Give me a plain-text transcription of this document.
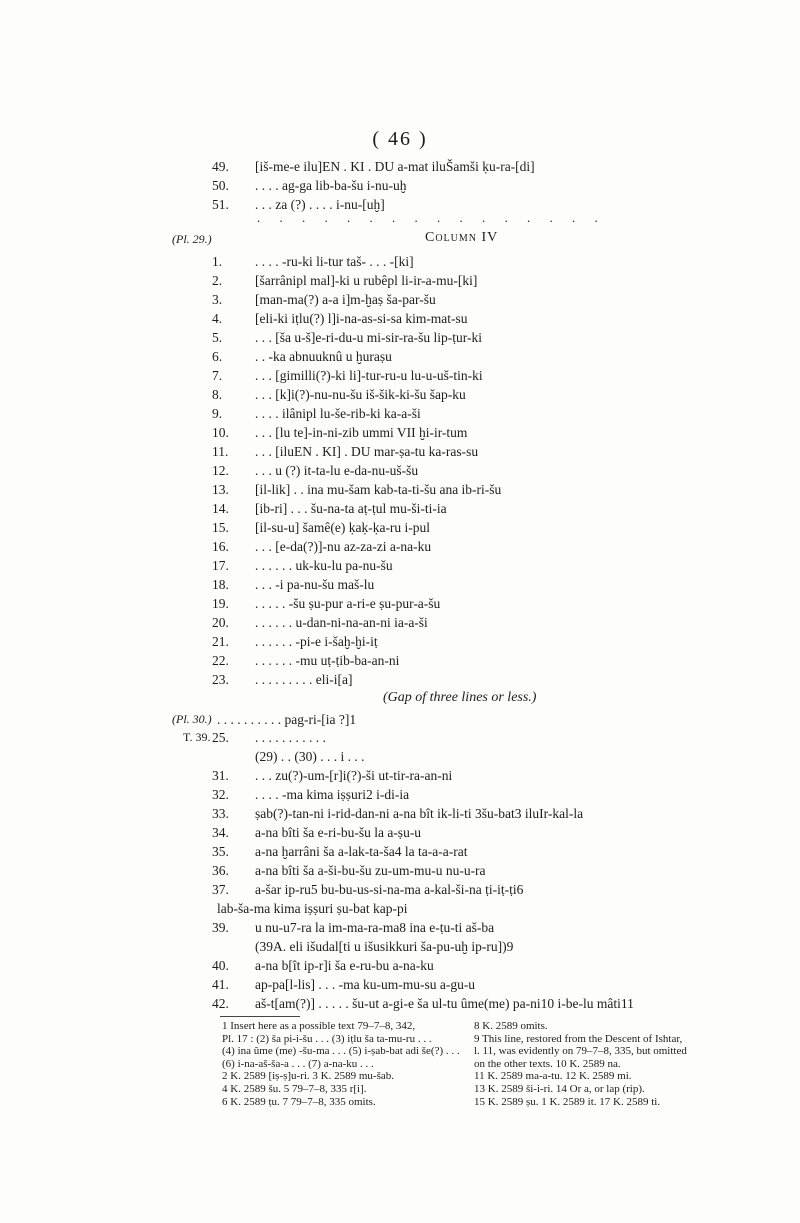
( 46 )
49.	[iš-me-e ilu]EN . KI . DU a-mat iluŠamši ḳu-ra-[di]
50.	. . . . ag-ga lib-ba-šu i-nu-uḫ
51.	. . . za (?) . . . . i-nu-[uḫ]
. . . . . . . . . . . . . . . .
(Pl. 29.)	Column IV
1.	. . . . -ru-ki li-tur taš- . . . -[ki]
2.	[šarrânipl mal]-ki u rubêpl li-ir-a-mu-[ki]
3.	[man-ma(?) a-a i]m-ḫaṣ ša-par-šu
4.	[eli-ki iṭlu(?) l]i-na-as-si-sa kim-mat-su
5.	. . . [ša u-š]e-ri-du-u mi-sir-ra-šu lip-ṭur-ki
6.	. . -ka abnuuknû u ḫuraṣu
7.	. . . [gimilli(?)-ki li]-tur-ru-u lu-u-uš-tin-ki
8.	. . . [k]i(?)-nu-nu-šu iš-šik-ki-šu šap-ku
9.	. . . . ilânipl lu-še-rib-ki ka-a-ši
10.	. . . [lu te]-in-ni-zib ummi VII ḫi-ir-tum
11.	. . . [iluEN . KI] . DU mar-ṣa-tu ka-ras-su
12.	. . . u (?) it-ta-lu e-da-nu-uš-šu
13.	[il-lik] . . ina mu-šam kab-ta-ti-šu ana ib-ri-šu
14.	[ib-ri] . . . šu-na-ta aṭ-ṭul mu-ši-ti-ia
15.	[il-su-u] šamê(e) ḳaḳ-ḳa-ru i-pul
16.	. . . [e-da(?)]-nu az-za-zi a-na-ku
17.	. . . . . . uk-ku-lu pa-nu-šu
18.	. . . -i pa-nu-šu maš-lu
19.	. . . . . -šu ṣu-pur a-ri-e ṣu-pur-a-šu
20.	. . . . . . u-dan-ni-na-an-ni ia-a-ši
21.	. . . . . . -pi-e i-šaḫ-ḫi-iṭ
22.	. . . . . . -mu uṭ-ṭib-ba-an-ni
23.	. . . . . . . . . eli-i[a]
(Gap of three lines or less.)
(Pl. 30.) . . . . . . . . . . pag-ri-[ia ?]1
T. 39. 25.	. . . . . . . . . . .
(29) . . (30) . . . i . . .
31.	. . . zu(?)-um-[r]i(?)-ši ut-tir-ra-an-ni
32.	. . . . -ma kima iṣṣuri2 i-di-ia
33.	ṣab(?)-tan-ni i-rid-dan-ni a-na bît ik-li-ti 3šu-bat3 iluIr-kal-la
34.	a-na bîti ša e-ri-bu-šu la a-ṣu-u
35.	a-na ḫarrâni ša a-lak-ta-ša4 la ta-a-a-rat
36.	a-na bîti ša a-ši-bu-šu zu-um-mu-u nu-u-ra
37.	a-šar ip-ru5 bu-bu-us-si-na-ma a-kal-ši-na ṭi-iṭ-ṭi6
lab-ša-ma kima iṣṣuri ṣu-bat kap-pi
39.	u nu-u7-ra la im-ma-ra-ma8 ina e-ṭu-ti aš-ba
(39A. eli išudal[ti u išusikkuri ša-pu-uḫ ip-ru])9
40.	a-na b[ît ip-r]i ša e-ru-bu a-na-ku
41.	ap-pa[l-lis] . . . -ma ku-um-mu-su a-gu-u
42.	aš-t[am(?)] . . . . . šu-ut a-gi-e ša ul-tu ûme(me) pa-ni10 i-be-lu mâti11
1 Insert here as a possible text 79–7–8, 342,
Pl. 17 : (2) ša pi-i-šu . . . (3) iṭlu ša ta-mu-ru . . .
(4) ina ûme (me) -šu-ma . . . (5) i-ṣab-bat adi še(?) . . .
(6) i-na-aš-ša-a . . . (7) a-na-ku . . .
2 K. 2589 [iṣ-ṣ]u-ri. 3 K. 2589 mu-šab.
4 K. 2589 šu. 5 79–7–8, 335 r[i].
6 K. 2589 ṭu. 7 79–7–8, 335 omits.
8 K. 2589 omits.
9 This line, restored from the Descent of Ishtar,
l. 11, was evidently on 79–7–8, 335, but omitted
on the other texts. 10 K. 2589 na.
11 K. 2589 ma-a-tu. 12 K. 2589 mi.
13 K. 2589 ši-i-ri. 14 Or a, or lap (rip).
15 K. 2589 ṣu. 1 K. 2589 it. 17 K. 2589 ti.
